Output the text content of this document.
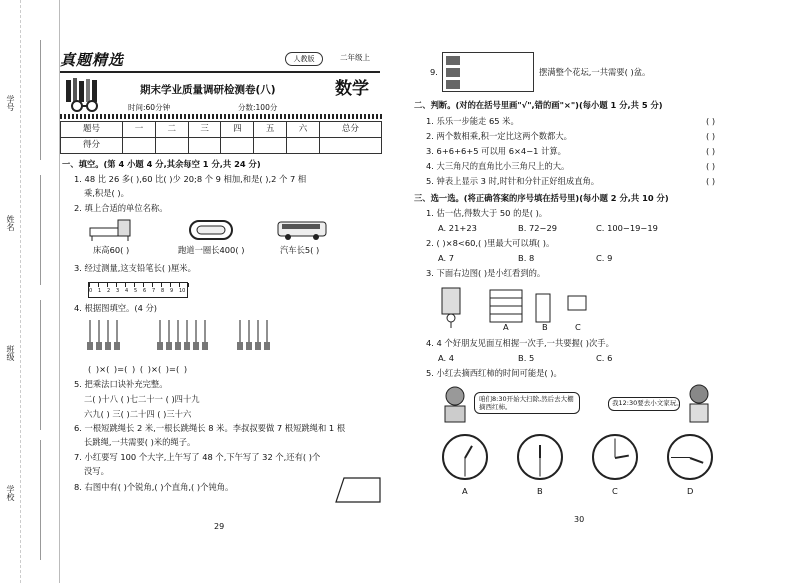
学号
姓名
班级
学校
真题精选	人教版	二年级上
期末学业质量调研检测卷(八)	数学
时间:60分钟	分数:100分
题号	一	二	三	四	五	六	总分
得分							
一、填空。(第 4 小题 4 分,其余每空 1 分,共 24 分)
1. 48 比 26 多( ),60 比( )少 20;8 个 9 相加,和是( ),2 个 7 相
乘,积是( )。
2. 填上合适的单位名称。
床高60( )	跑道一圈长400( )	汽车长5( )
3. 经过测量,这支铅笔长( )厘米。
0 1 2 3 4 5 6 7 8 9 10
4. 根据图填空。(4 分)
( )×( )=( ) ( )×( )=( )
5. 把乘法口诀补充完整。
二( )十八 ( )七二十一 ( )四十九
六九( ) 三( )二十四 ( )三十六
6. 一根短跳绳长 2 米,一根长跳绳长 8 米。李叔叔要做 7 根短跳绳和 1 根
长跳绳,一共需要( )米的绳子。
7. 小红要写 100 个大字,上午写了 48 个,下午写了 32 个,还有( )个
没写。
8. 右图中有( )个锐角,( )个直角,( )个钝角。
29
9.	摆满整个花坛,一共需要( )盆。
二、判断。(对的在括号里画"√",错的画"×")(每小题 1 分,共 5 分)
1. 乐乐一步能走 65 米。
2. 两个数相乘,积一定比这两个数都大。
3. 6+6+6+5 可以用 6×4−1 计算。
4. 大三角尺的直角比小三角尺上的大。
5. 钟表上显示 3 时,时针和分针正好组成直角。
( )
( )
( )
( )
( )
三、选一选。(将正确答案的序号填在括号里)(每小题 2 分,共 10 分)
1. 估一估,得数大于 50 的是( )。
A. 21+23	B. 72−29	C. 100−19−19
2. ( )×8<60,( )里最大可以填( )。
A. 7	B. 8	C. 9
3. 下面右边图( )是小红看到的。
A	B	C
4. 4 个好朋友见面互相握一次手,一共要握( )次手。
A. 4	B. 5	C. 6
5. 小红去摘西红柿的时间可能是( )。
咱们8:30开始大扫除,然后去大棚摘西红柿。
我12:30要去小文家玩。
A	B	C	D
30
